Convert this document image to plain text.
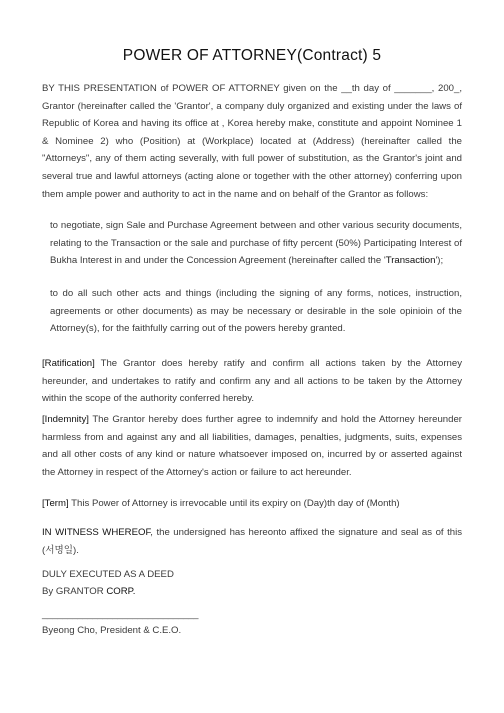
POWER OF ATTORNEY(Contract) 5

BY THIS PRESENTATION of POWER OF ATTORNEY given on the __th day of _______, 200_, Grantor (hereinafter called the 'Grantor', a company duly organized and existing under the laws of Republic of Korea and having its office at , Korea hereby make, constitute and appoint Nominee 1 & Nominee 2) who (Position) at (Workplace) located at (Address) (hereinafter called the "Attorneys", any of them acting severally, with full power of substitution, as the Grantor's joint and several true and lawful attorneys (acting alone or together with the other attorney) conferring upon them ample power and authority to act in the name and on behalf of the Grantor as follows:

to negotiate, sign Sale and Purchase Agreement between and other various security documents, relating to the Transaction or the sale and purchase of fifty percent (50%) Participating Interest of Bukha Interest in and under the Concession Agreement (hereinafter called the 'Transaction');

to do all such other acts and things (including the signing of any forms, notices, instruction, agreements or other documents) as may be necessary or desirable in the sole opinioin of the Attorney(s), for the faithfully carring out of the powers hereby granted.

[Ratification] The Grantor does hereby ratify and confirm all actions taken by the Attorney hereunder, and undertakes to ratify and confirm any and all actions to be taken by the Attorney within the scope of the authority conferred hereby.

[Indemnity] The Grantor hereby does further agree to indemnify and hold the Attorney hereunder harmless from and against any and all liabilities, damages, penalties, judgments, suits, expenses and all other costs of any kind or nature whatsoever imposed on, incurred by or asserted against the Attorney in respect of the Attorney's action or failure to act hereunder.

[Term] This Power of Attorney is irrevocable until its expiry on (Day)th day of (Month)

IN WITNESS WHEREOF, the undersigned has hereonto affixed the signature and seal as of this (서명일).

DULY EXECUTED AS A DEED
By GRANTOR CORP.
_______________________________
Byeong Cho, President & C.E.O.
